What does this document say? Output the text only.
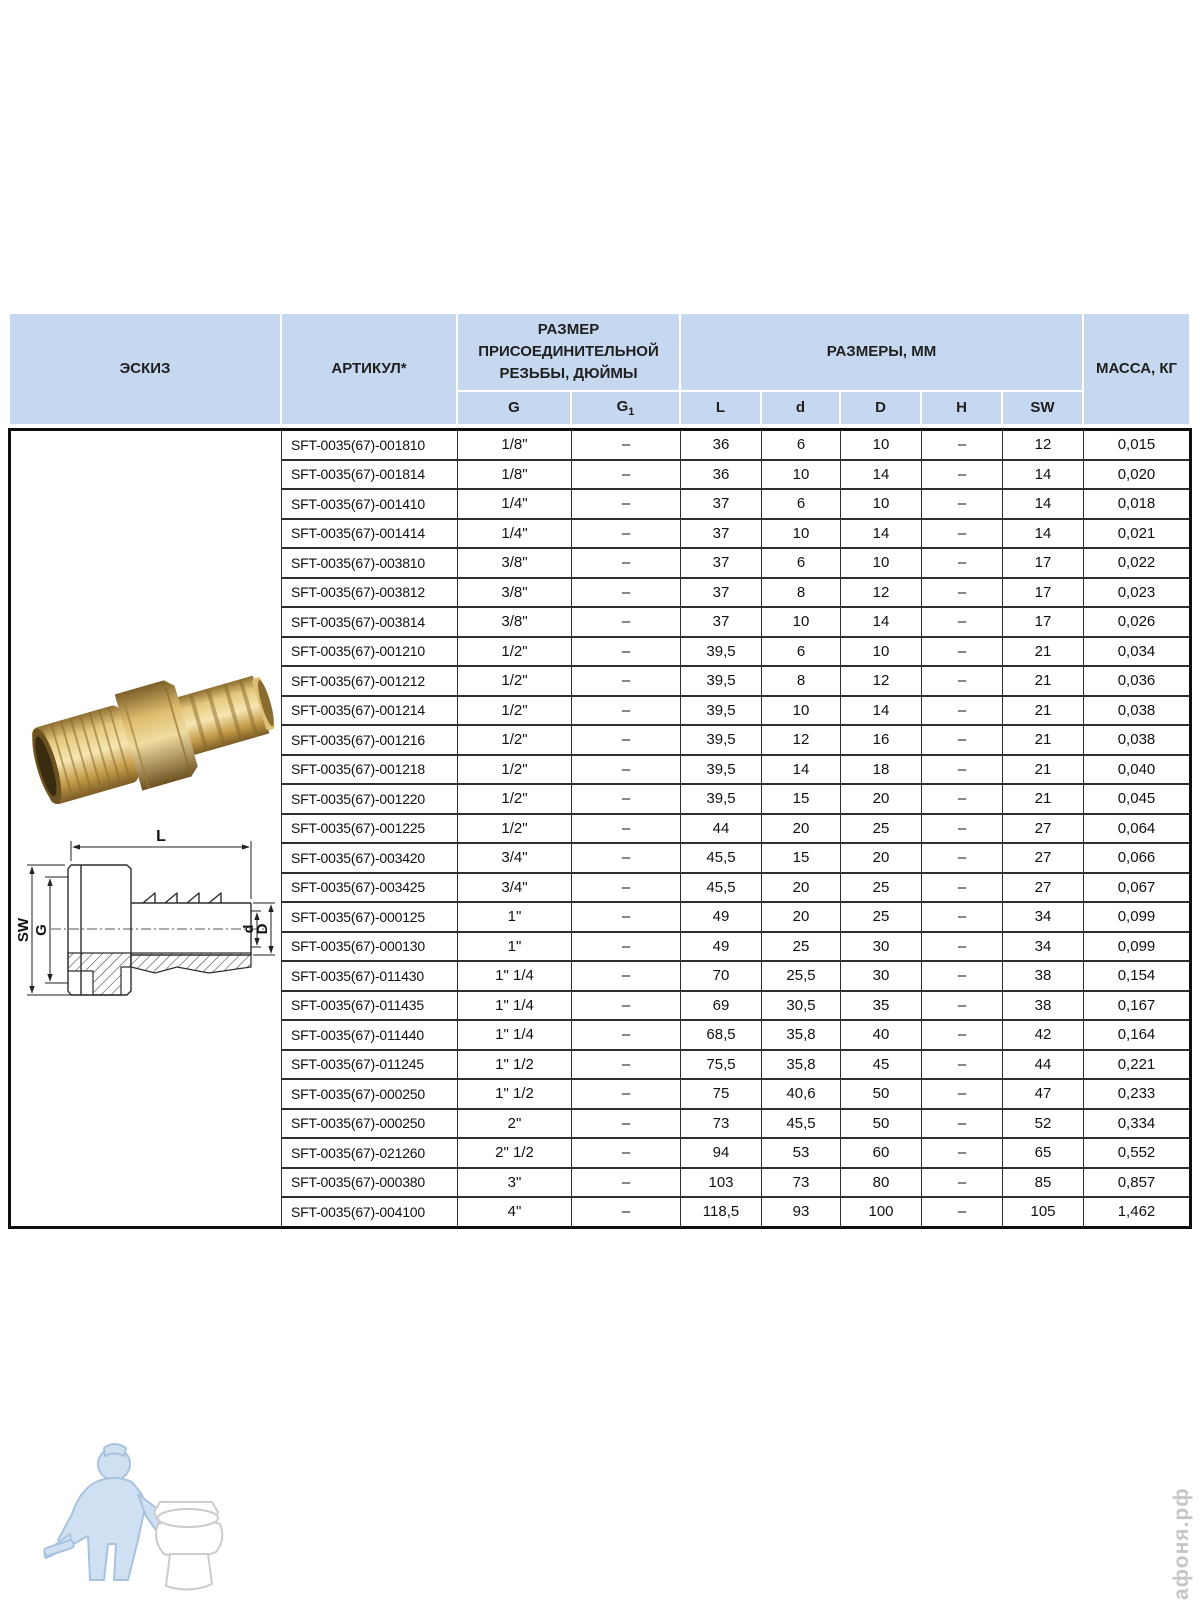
ЭСКИЗ	АРТИКУЛ*	РАЗМЕР ПРИСОЕДИНИТЕЛЬНОЙ РЕЗЬБЫ, ДЮЙМЫ		РАЗМЕРЫ, ММ					МАССА, КГ
		G	$G_1$	L	d	D	H	SW	
L
SW G d
D	SFT-0035(67)-001810	1/8"	–	36	6	10	–	12	0,015
	SFT-0035(67)-001814	1/8"	–	36	10	14	–	14	0,020
	SFT-0035(67)-001410	1/4"	–	37	6	10	–	14	0,018
	SFT-0035(67)-001414	1/4"	–	37	10	14	–	14	0,021
	SFT-0035(67)-003810	3/8"	–	37	6	10	–	17	0,022
	SFT-0035(67)-003812	3/8"	–	37	8	12	–	17	0,023
	SFT-0035(67)-003814	3/8"	–	37	10	14	–	17	0,026
	SFT-0035(67)-001210	1/2"	–	39,5	6	10	–	21	0,034
	SFT-0035(67)-001212	1/2"	–	39,5	8	12	–	21	0,036
	SFT-0035(67)-001214	1/2"	–	39,5	10	14	–	21	0,038
	SFT-0035(67)-001216	1/2"	–	39,5	12	16	–	21	0,038
	SFT-0035(67)-001218	1/2"	–	39,5	14	18	–	21	0,040
	SFT-0035(67)-001220	1/2"	–	39,5	15	20	–	21	0,045
	SFT-0035(67)-001225	1/2"	–	44	20	25	–	27	0,064
	SFT-0035(67)-003420	3/4"	–	45,5	15	20	–	27	0,066
	SFT-0035(67)-003425	3/4"	–	45,5	20	25	–	27	0,067
	SFT-0035(67)-000125	1"	–	49	20	25	–	34	0,099
	SFT-0035(67)-000130	1"	–	49	25	30	–	34	0,099
	SFT-0035(67)-011430	1" 1/4	–	70	25,5	30	–	38	0,154
	SFT-0035(67)-011435	1" 1/4	–	69	30,5	35	–	38	0,167
	SFT-0035(67)-011440	1" 1/4	–	68,5	35,8	40	–	42	0,164
	SFT-0035(67)-011245	1" 1/2	–	75,5	35,8	45	–	44	0,221
	SFT-0035(67)-000250	1" 1/2	–	75	40,6	50	–	47	0,233
	SFT-0035(67)-000250	2"	–	73	45,5	50	–	52	0,334
	SFT-0035(67)-021260	2" 1/2	–	94	53	60	–	65	0,552
	SFT-0035(67)-000380	3"	–	103	73	80	–	85	0,857
	SFT-0035(67)-004100	4"	–	118,5	93	100	–	105	1,462
афоня.рф
